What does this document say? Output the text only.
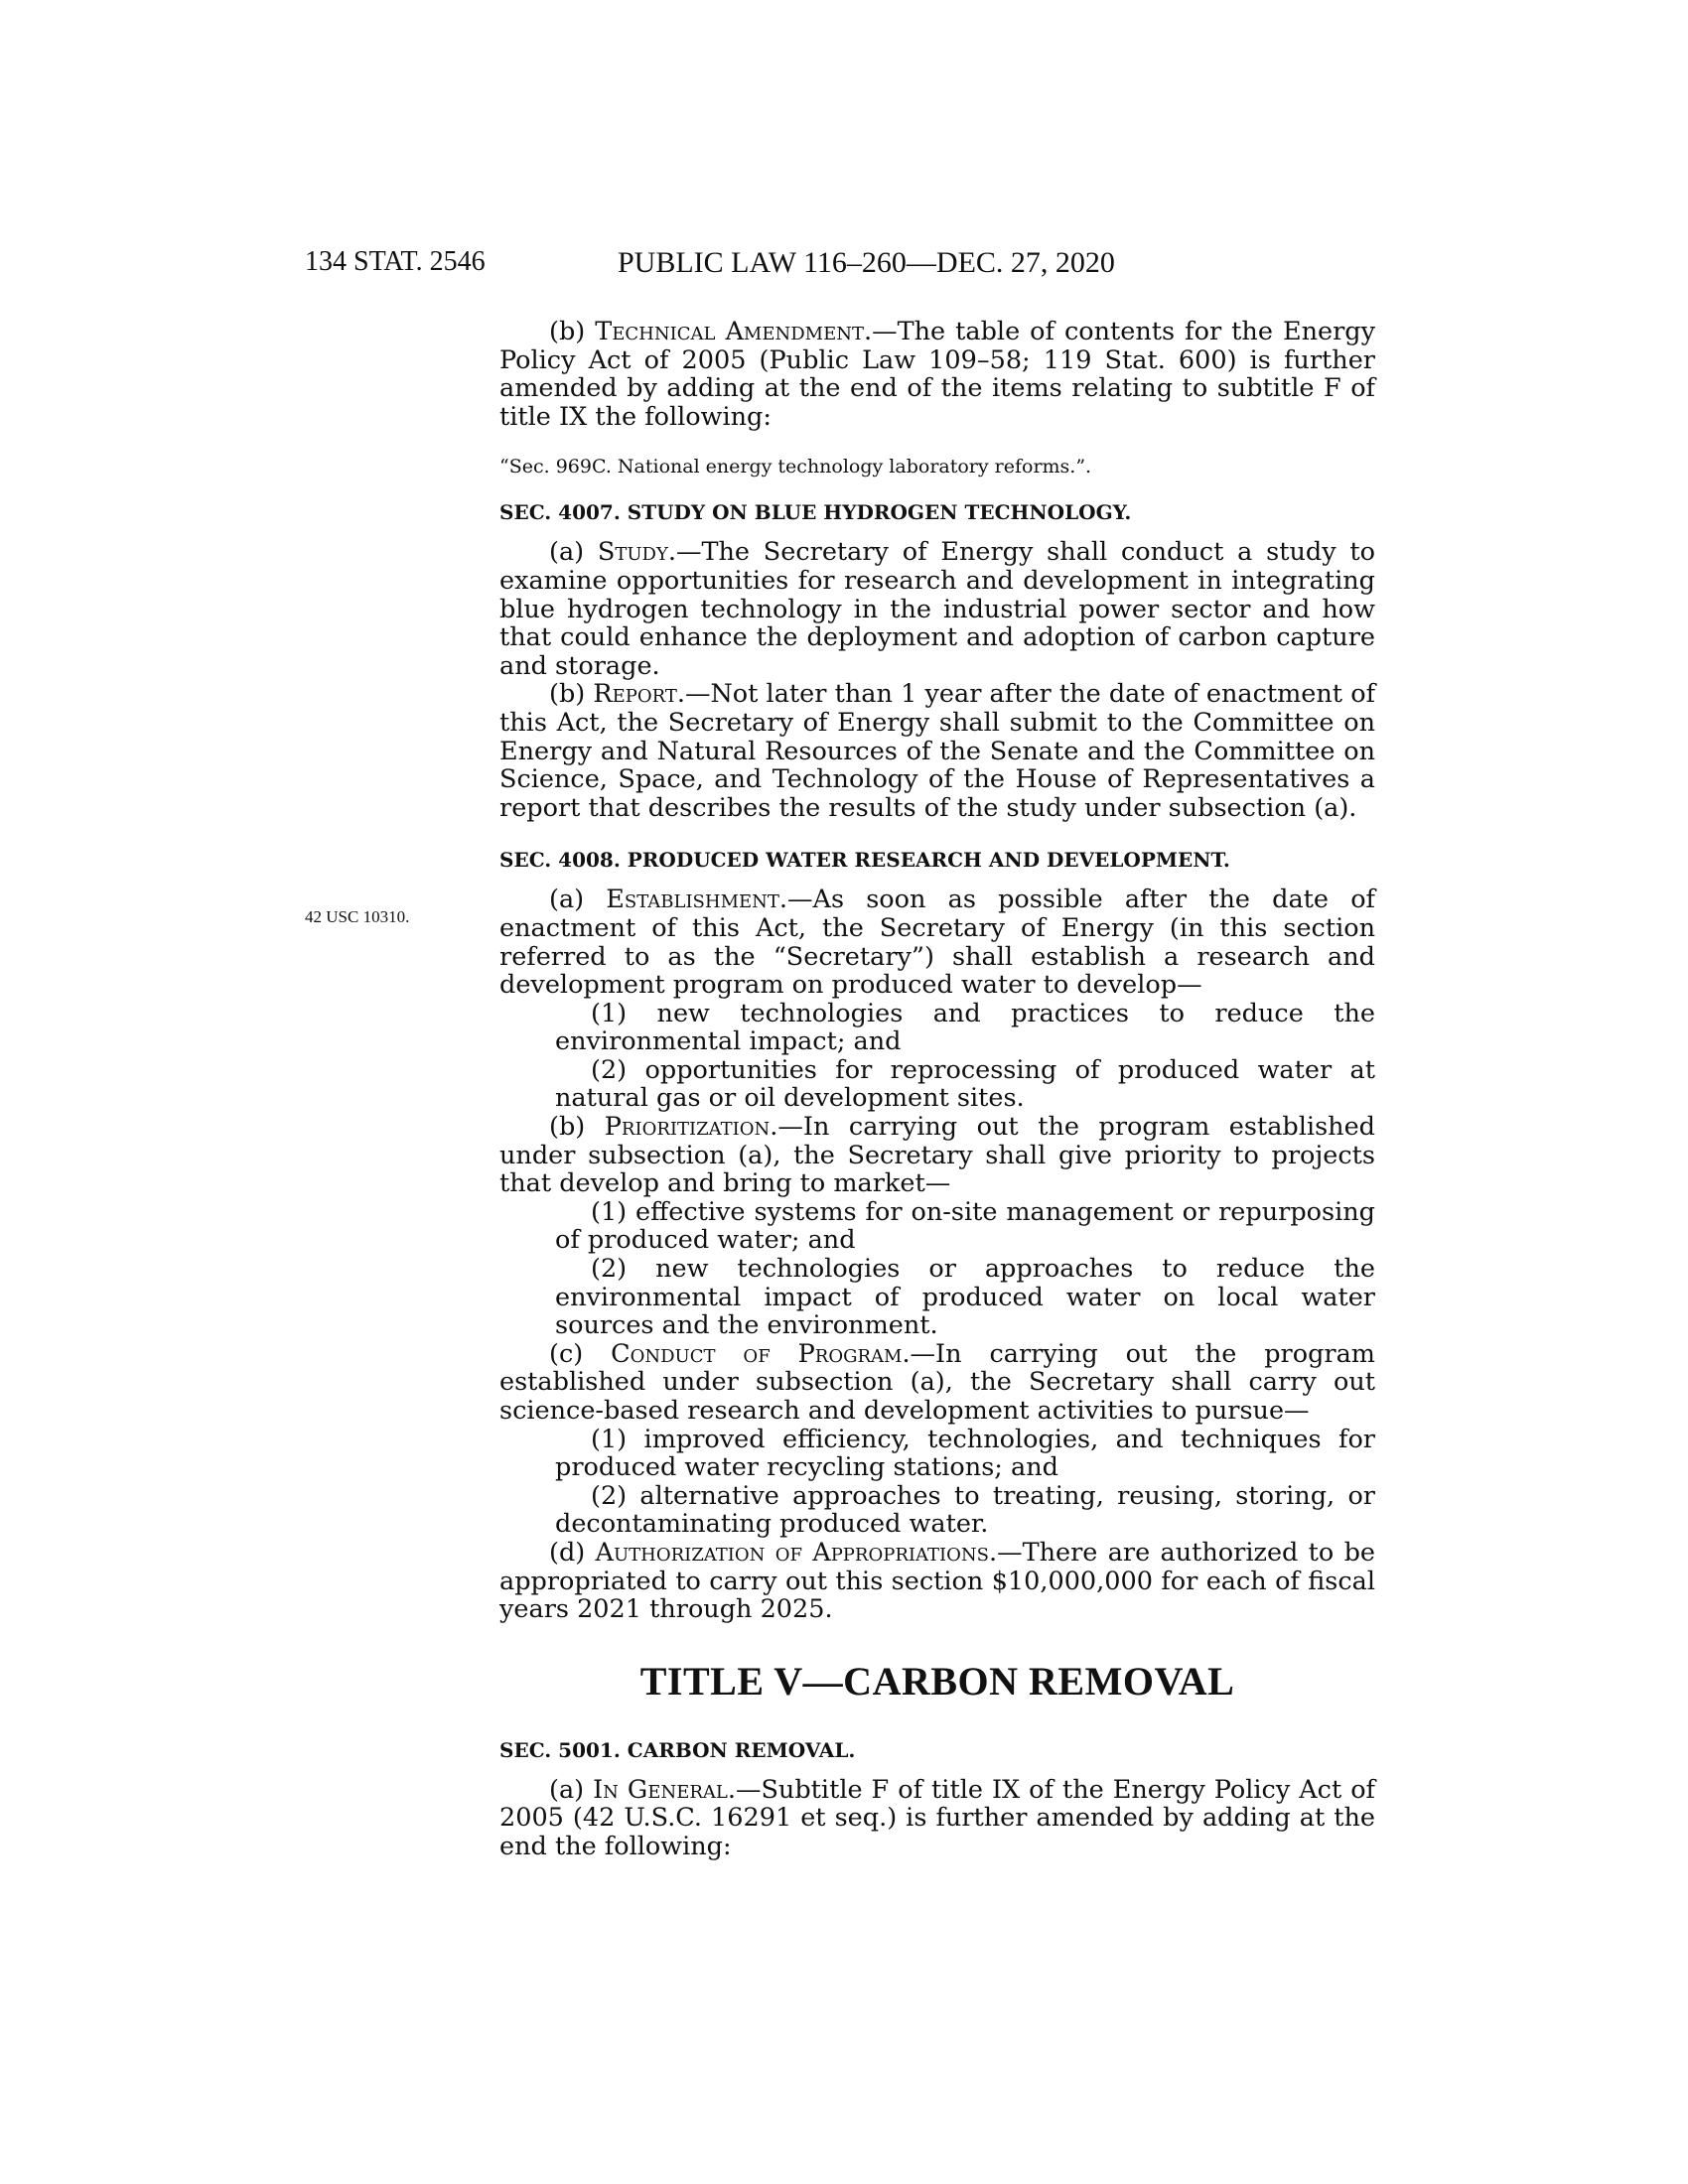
134 STAT. 2546	PUBLIC LAW 116–260—DEC. 27, 2020
42 USC 10310.

(b) Technical Amendment.—The table of contents for the Energy Policy Act of 2005 (Public Law 109–58; 119 Stat. 600) is further amended by adding at the end of the items relating to subtitle F of title IX the following:

“Sec. 969C. National energy technology laboratory reforms.”.
SEC. 4007. STUDY ON BLUE HYDROGEN TECHNOLOGY.

(a) Study.—The Secretary of Energy shall conduct a study to examine opportunities for research and development in integrating blue hydrogen technology in the industrial power sector and how that could enhance the deployment and adoption of carbon capture and storage.

(b) Report.—Not later than 1 year after the date of enactment of this Act, the Secretary of Energy shall submit to the Committee on Energy and Natural Resources of the Senate and the Committee on Science, Space, and Technology of the House of Representatives a report that describes the results of the study under subsection (a).

SEC. 4008. PRODUCED WATER RESEARCH AND DEVELOPMENT.

(a) Establishment.—As soon as possible after the date of enactment of this Act, the Secretary of Energy (in this section referred to as the “Secretary”) shall establish a research and development program on produced water to develop—

(1) new technologies and practices to reduce the environmental impact; and

(2) opportunities for reprocessing of produced water at natural gas or oil development sites.

(b) Prioritization.—In carrying out the program established under subsection (a), the Secretary shall give priority to projects that develop and bring to market—

(1) effective systems for on-site management or repurposing of produced water; and

(2) new technologies or approaches to reduce the environmental impact of produced water on local water sources and the environment.

(c) Conduct of Program.—In carrying out the program established under subsection (a), the Secretary shall carry out science-based research and development activities to pursue—

(1) improved efficiency, technologies, and techniques for produced water recycling stations; and

(2) alternative approaches to treating, reusing, storing, or decontaminating produced water.

(d) Authorization of Appropriations.—There are authorized to be appropriated to carry out this section $10,000,000 for each of fiscal years 2021 through 2025.

TITLE V—CARBON REMOVAL
SEC. 5001. CARBON REMOVAL.

(a) In General.—Subtitle F of title IX of the Energy Policy Act of 2005 (42 U.S.C. 16291 et seq.) is further amended by adding at the end the following:
